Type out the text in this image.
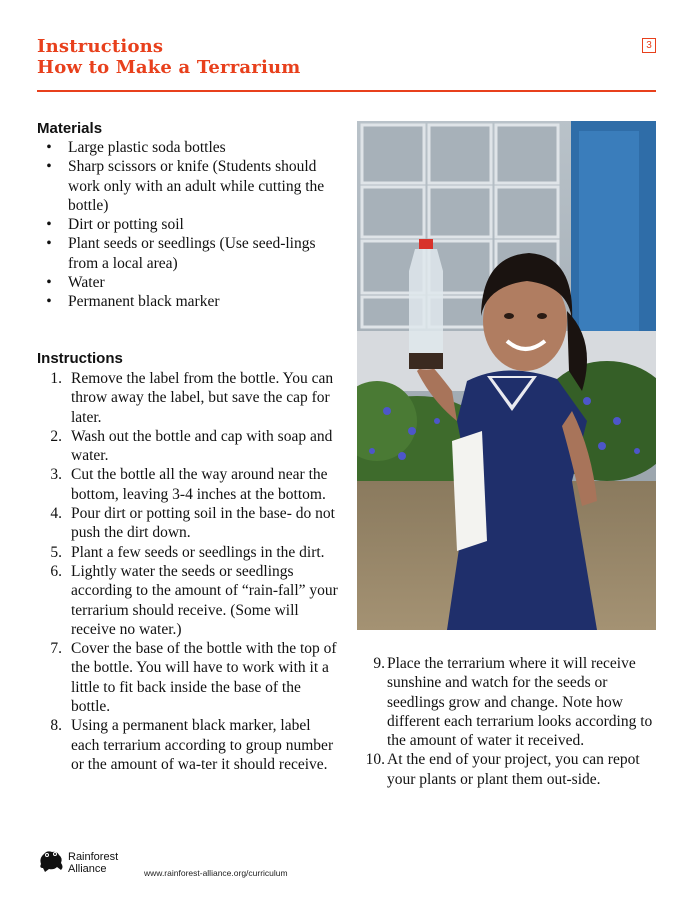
Instructions
How to Make a Terrarium
3
Materials
•	Large plastic soda bottles
•	Sharp scissors or knife (Students should work only with an adult while cutting the bottle)
•	Dirt or potting soil
•	Plant seeds or seedlings (Use seed-lings from a local area)
•	Water
•	Permanent black marker
Instructions
1. Remove the label from the bottle. You can throw away the label, but save the cap for later.
2. Wash out the bottle and cap with soap and water.
3. Cut the bottle all the way around near the bottom, leaving 3-4 inches at the bottom.
4. Pour dirt or potting soil in the base- do not push the dirt down.
5. Plant a few seeds or seedlings in the dirt.
6. Lightly water the seeds or seedlings according to the amount of “rain-fall” your terrarium should receive. (Some will receive no water.)
7. Cover the base of the bottle with the top of the bottle. You will have to work with it a little to fit back inside the base of the bottle.
8. Using a permanent black marker, label each terrarium according to group number or the amount of wa-ter it should receive.
9. Place the terrarium where it will receive sunshine and watch for the seeds or seedlings grow and change. Note how different each terrarium looks according to the amount of water it received.
10. At the end of your project, you can repot your plants or plant them out-side.
Rainforest
Alliance	www.rainforest-alliance.org/curriculum
